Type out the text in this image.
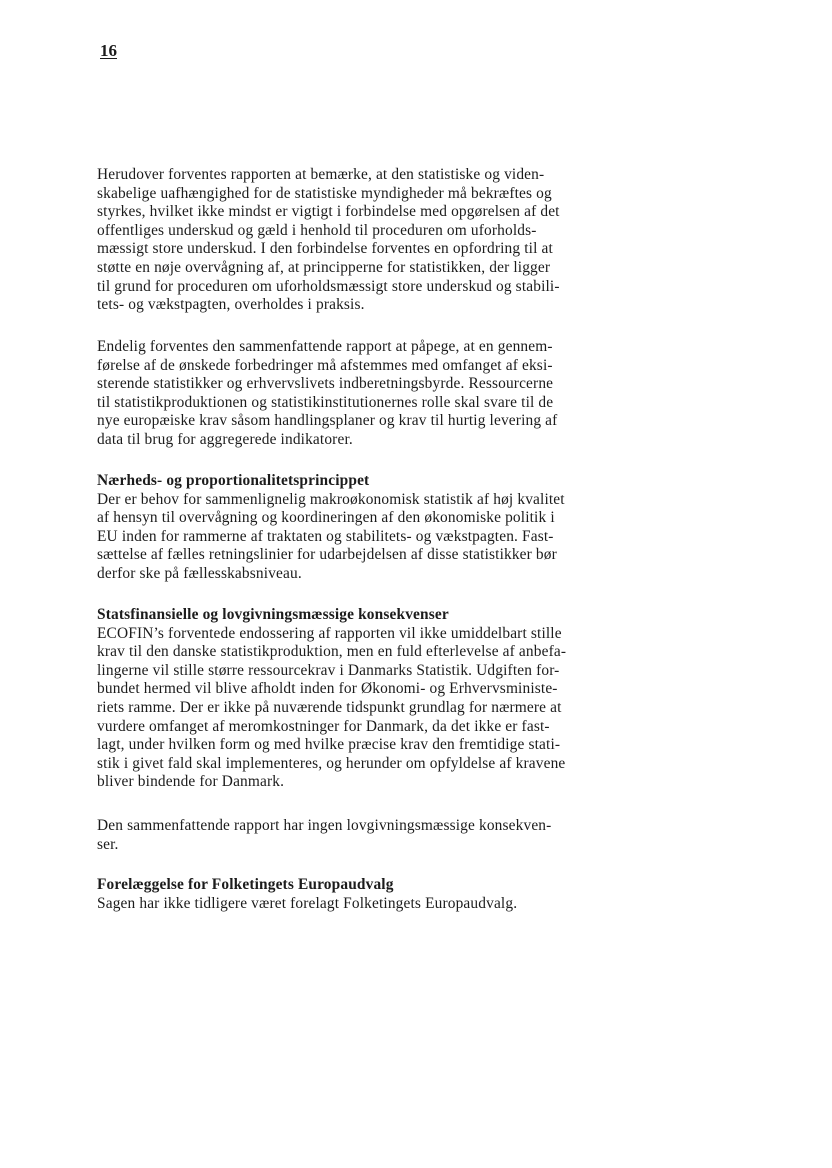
16

Herudover forventes rapporten at bemærke, at den statistiske og viden-
skabelige uafhængighed for de statistiske myndigheder må bekræftes og
styrkes, hvilket ikke mindst er vigtigt i forbindelse med opgørelsen af det
offentliges underskud og gæld i henhold til proceduren om uforholds-
mæssigt store underskud. I den forbindelse forventes en opfordring til at
støtte en nøje overvågning af, at principperne for statistikken, der ligger
til grund for proceduren om uforholdsmæssigt store underskud og stabili-
tets- og vækstpagten, overholdes i praksis.
Endelig forventes den sammenfattende rapport at påpege, at en gennem-
førelse af de ønskede forbedringer må afstemmes med omfanget af eksi-
sterende statistikker og erhvervslivets indberetningsbyrde. Ressourcerne
til statistikproduktionen og statistikinstitutionernes rolle skal svare til de
nye europæiske krav såsom handlingsplaner og krav til hurtig levering af
data til brug for aggregerede indikatorer.
Nærheds- og proportionalitetsprincippet
Der er behov for sammenlignelig makroøkonomisk statistik af høj kvalitet
af hensyn til overvågning og koordineringen af den økonomiske politik i
EU inden for rammerne af traktaten og stabilitets- og vækstpagten. Fast-
sættelse af fælles retningslinier for udarbejdelsen af disse statistikker bør
derfor ske på fællesskabsniveau.
Statsfinansielle og lovgivningsmæssige konsekvenser
ECOFIN’s forventede endossering af rapporten vil ikke umiddelbart stille
krav til den danske statistikproduktion, men en fuld efterlevelse af anbefa-
lingerne vil stille større ressourcekrav i Danmarks Statistik. Udgiften for-
bundet hermed vil blive afholdt inden for Økonomi- og Erhvervsministe-
riets ramme. Der er ikke på nuværende tidspunkt grundlag for nærmere at
vurdere omfanget af meromkostninger for Danmark, da det ikke er fast-
lagt, under hvilken form og med hvilke præcise krav den fremtidige stati-
stik i givet fald skal implementeres, og herunder om opfyldelse af kravene
bliver bindende for Danmark.
Den sammenfattende rapport har ingen lovgivningsmæssige konsekven-
ser.
Forelæggelse for Folketingets Europaudvalg
Sagen har ikke tidligere været forelagt Folketingets Europaudvalg.
